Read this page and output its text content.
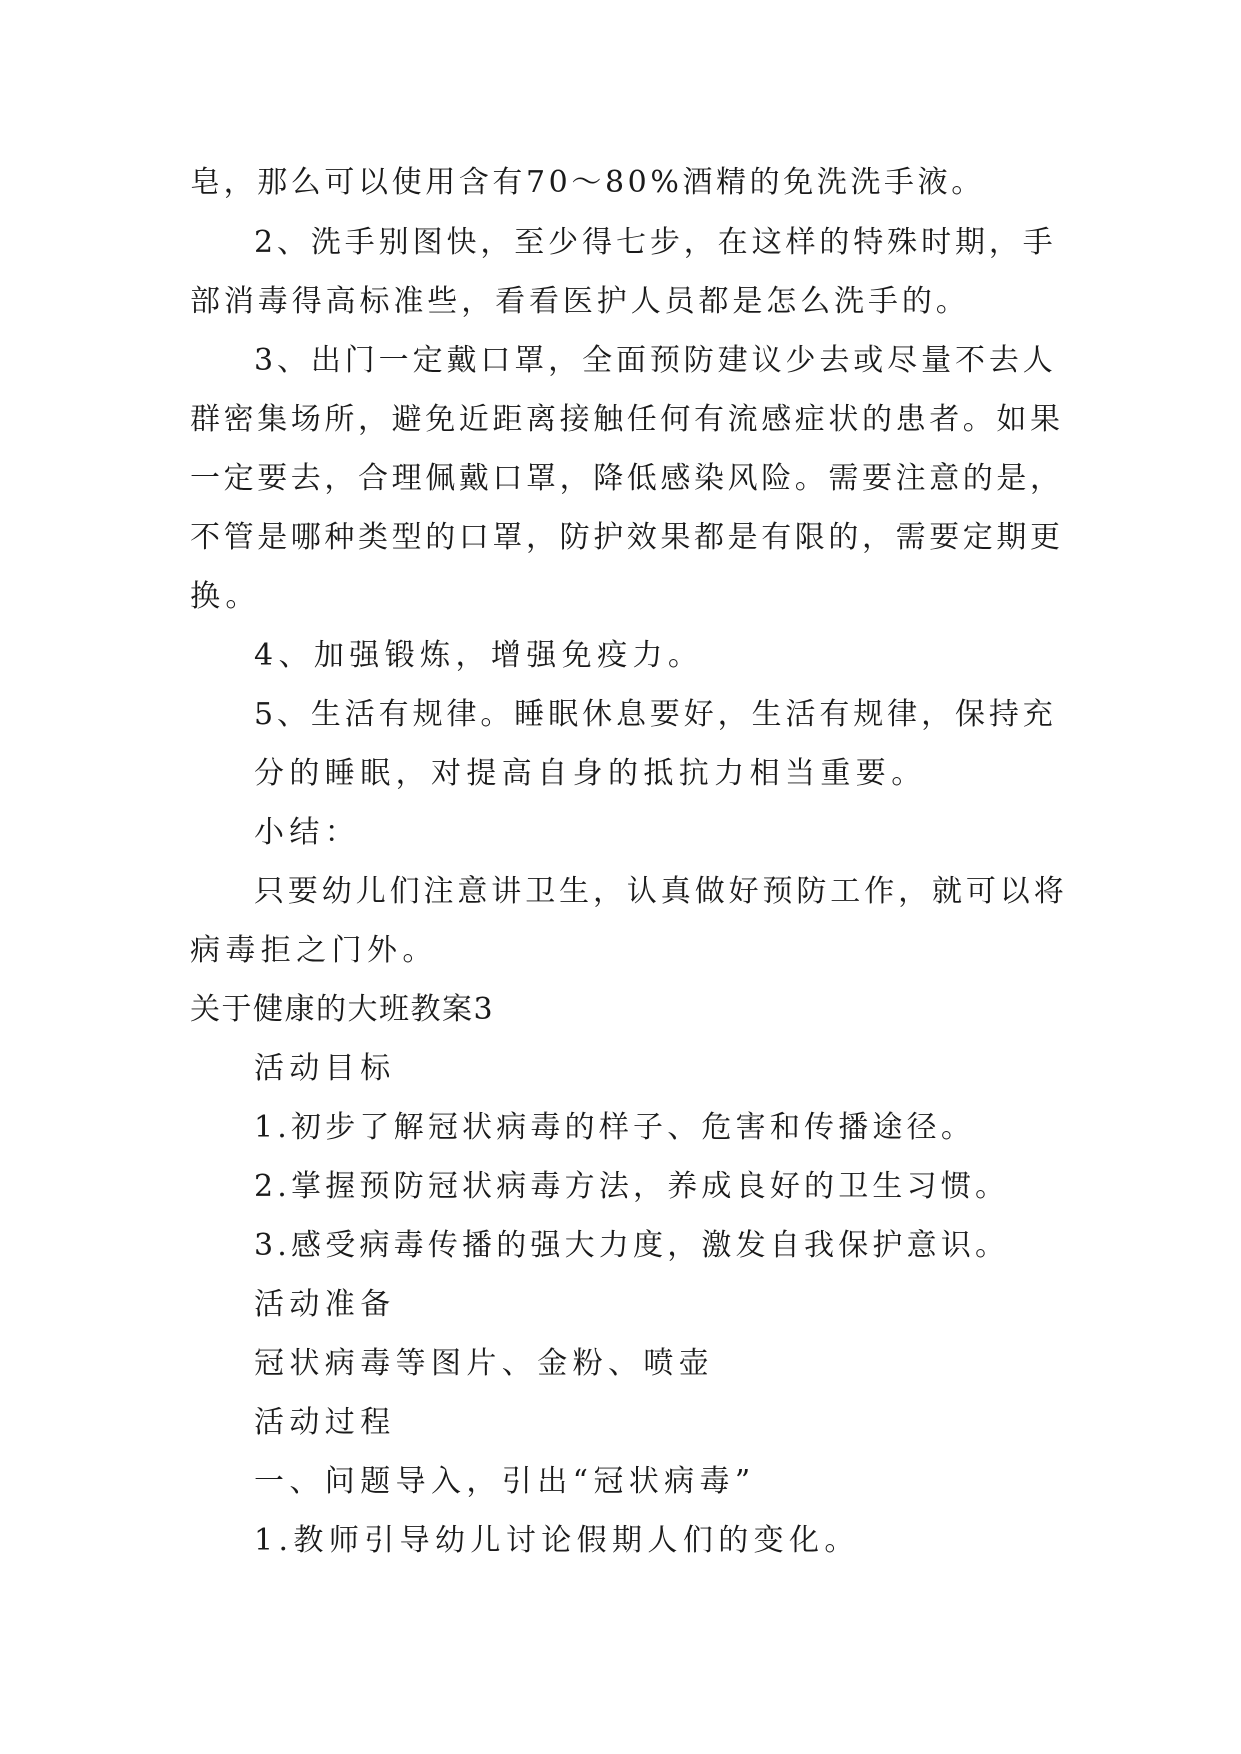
皂，那么可以使用含有70～80%酒精的免洗洗手液。
2、洗手别图快，至少得七步，在这样的特殊时期，手
部消毒得高标准些，看看医护人员都是怎么洗手的。
3、出门一定戴口罩，全面预防建议少去或尽量不去人
群密集场所，避免近距离接触任何有流感症状的患者。如果
一定要去，合理佩戴口罩，降低感染风险。需要注意的是，
不管是哪种类型的口罩，防护效果都是有限的，需要定期更
换。
4、加强锻炼，增强免疫力。
5、生活有规律。睡眠休息要好，生活有规律，保持充
分的睡眠，对提高自身的抵抗力相当重要。
小结：
只要幼儿们注意讲卫生，认真做好预防工作，就可以将
病毒拒之门外。
关于健康的大班教案3
活动目标
1.初步了解冠状病毒的样子、危害和传播途径。
2.掌握预防冠状病毒方法，养成良好的卫生习惯。
3.感受病毒传播的强大力度，激发自我保护意识。
活动准备
冠状病毒等图片、金粉、喷壶
活动过程
一、问题导入，引出“冠状病毒”
1.教师引导幼儿讨论假期人们的变化。
